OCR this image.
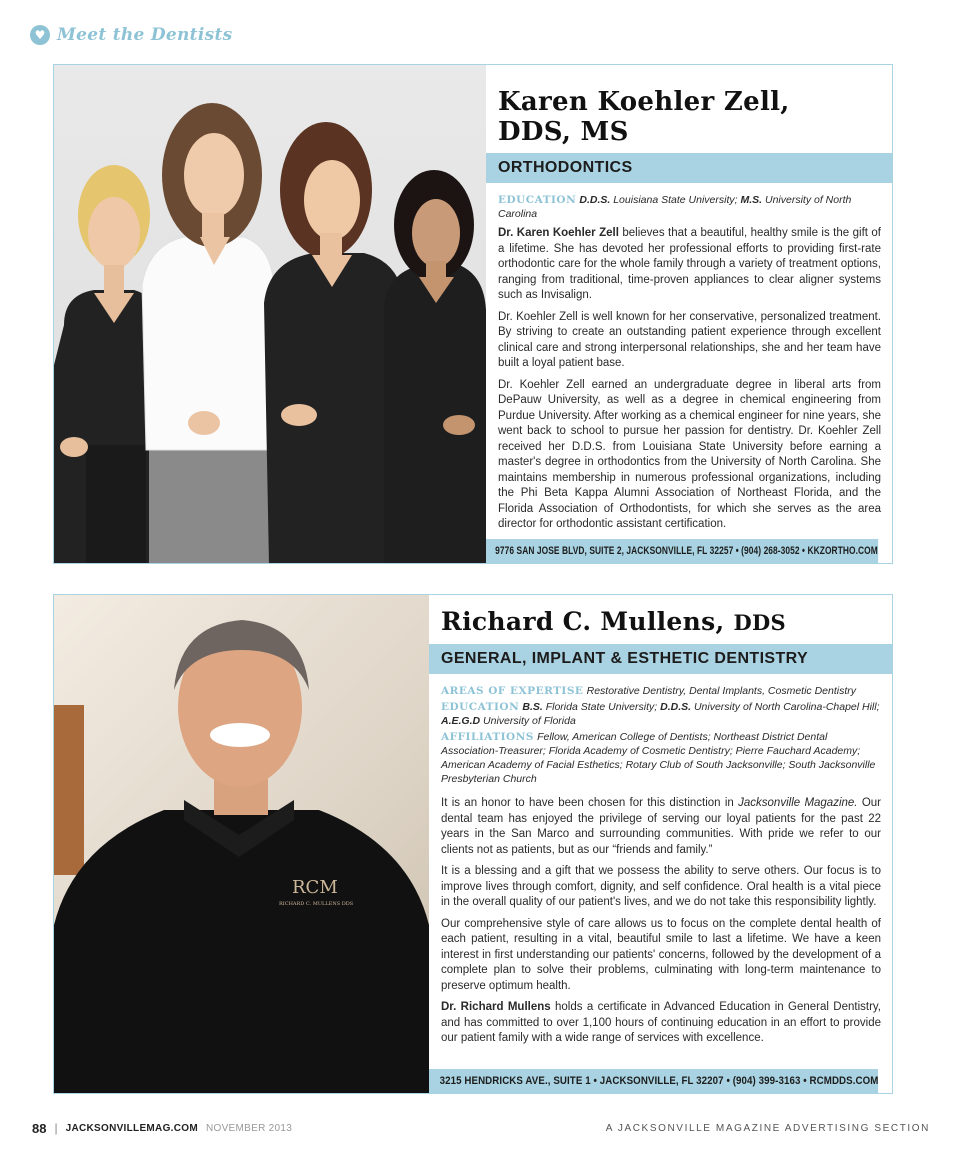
♥ Meet the Dentists
Karen Koehler Zell,
DDS, MS
ORTHODONTICS
EDUCATION D.D.S. Louisiana State University; M.S. University of North Carolina

Dr. Karen Koehler Zell believes that a beautiful, healthy smile is the gift of a lifetime. She has devoted her professional efforts to providing first-rate orthodontic care for the whole family through a variety of treatment options, ranging from traditional, time-proven appliances to clear aligner systems such as Invisalign.

Dr. Koehler Zell is well known for her conservative, personalized treatment. By striving to create an outstanding patient experience through excellent clinical care and strong interpersonal relationships, she and her team have built a loyal patient base.

Dr. Koehler Zell earned an undergraduate degree in liberal arts from DePauw University, as well as a degree in chemical engineering from Purdue University. After working as a chemical engineer for nine years, she went back to school to pursue her passion for dentistry. Dr. Koehler Zell received her D.D.S. from Louisiana State University before earning a master's degree in orthodontics from the University of North Carolina. She maintains membership in numerous professional organizations, including the Phi Beta Kappa Alumni Association of Northeast Florida, and the Florida Association of Orthodontists, for which she serves as the area director for orthodontic assistant certification.

9776 SAN JOSE BLVD, SUITE 2, JACKSONVILLE, FL 32257 • (904) 268-3052 • KKZORTHO.COM
RCM
RICHARD C. MULLENS DDS
Richard C. Mullens, DDS
GENERAL, IMPLANT & ESTHETIC DENTISTRY
AREAS OF EXPERTISE Restorative Dentistry, Dental Implants, Cosmetic Dentistry
EDUCATION B.S. Florida State University; D.D.S. University of North Carolina-Chapel Hill; A.E.G.D University of Florida
AFFILIATIONS Fellow, American College of Dentists; Northeast District Dental Association-Treasurer; Florida Academy of Cosmetic Dentistry; Pierre Fauchard Academy; American Academy of Facial Esthetics; Rotary Club of South Jacksonville; South Jacksonville Presbyterian Church

It is an honor to have been chosen for this distinction in Jacksonville Magazine. Our dental team has enjoyed the privilege of serving our loyal patients for the past 22 years in the San Marco and surrounding communities. With pride we refer to our clients not as patients, but as our “friends and family.”

It is a blessing and a gift that we possess the ability to serve others. Our focus is to improve lives through comfort, dignity, and self confidence. Oral health is a vital piece in the overall quality of our patient's lives, and we do not take this responsibility lightly.

Our comprehensive style of care allows us to focus on the complete dental health of each patient, resulting in a vital, beautiful smile to last a lifetime. We have a keen interest in first understanding our patients' concerns, followed by the development of a complete plan to solve their problems, culminating with long-term maintenance to preserve optimum health.

Dr. Richard Mullens holds a certificate in Advanced Education in General Dentistry, and has committed to over 1,100 hours of continuing education in an effort to provide our patient family with a wide range of services with excellence.

3215 HENDRICKS AVE., SUITE 1 • JACKSONVILLE, FL 32207 • (904) 399-3163 • RCMDDS.COM
88 | JACKSONVILLEMAG.COM NOVEMBER 2013	A JACKSONVILLE MAGAZINE ADVERTISING SECTION
